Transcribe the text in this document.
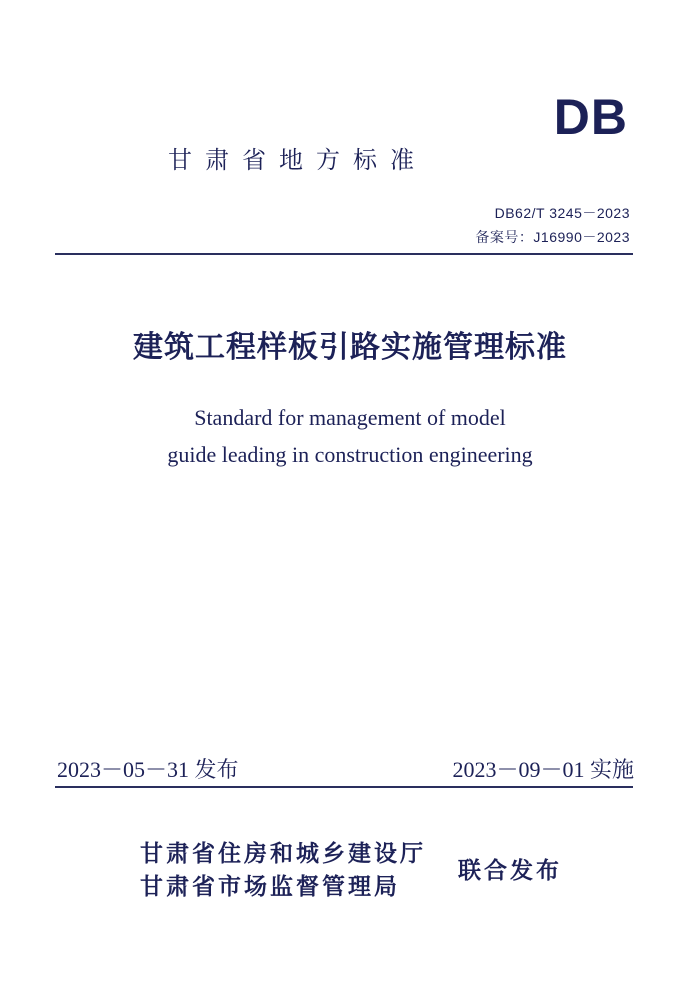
DB
甘肃省地方标准
DB62/T 3245－2023
备案号：J16990－2023
建筑工程样板引路实施管理标准
Standard for management of model
guide leading in construction engineering
2023－05－31 发布	2023－09－01 实施
甘肃省住房和城乡建设厅
甘肃省市场监督管理局
联合发布
